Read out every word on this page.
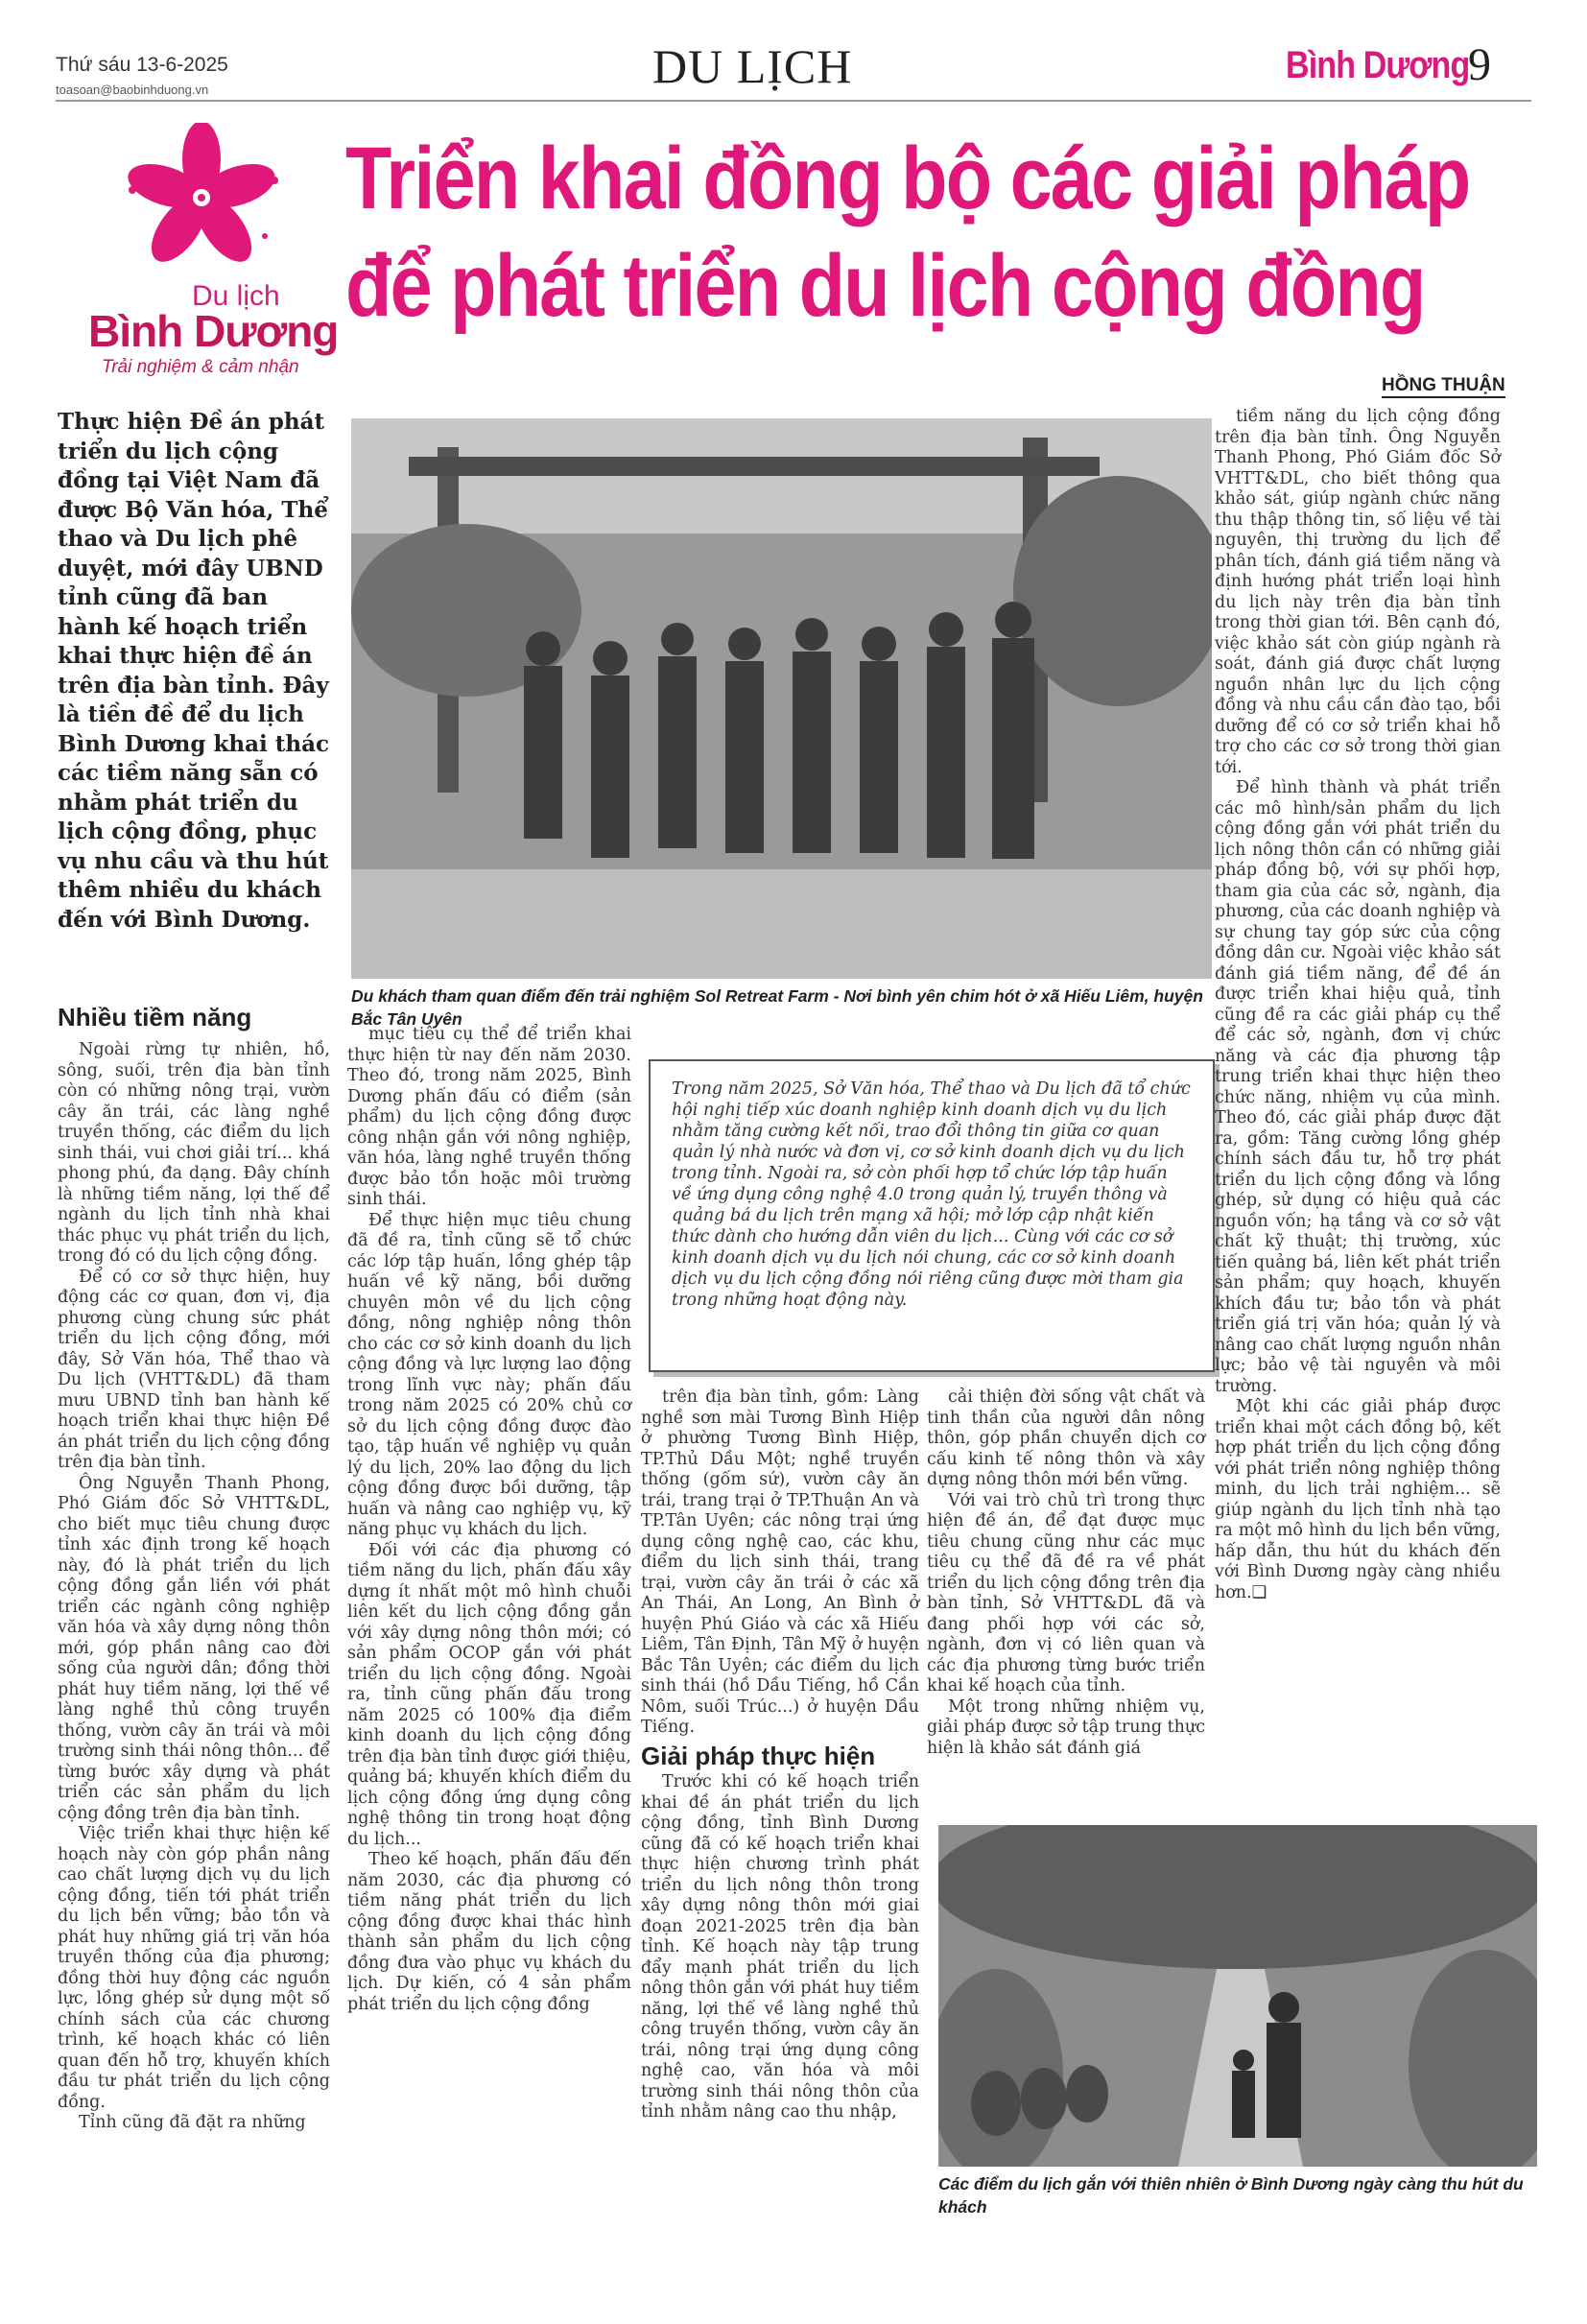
Thứ sáu 13-6-2025
toasoan@baobinhduong.vn	DU LỊCH	Bình Dương
9
Du lịch
Bình Dương
Trải nghiệm & cảm nhận
Triển khai đồng bộ các giải pháp
để phát triển du lịch cộng đồng
HỒNG THUẬN
Thực hiện Đề án phát triển du lịch cộng đồng tại Việt Nam đã được Bộ Văn hóa, Thể thao và Du lịch phê duyệt, mới đây UBND tỉnh cũng đã ban hành kế hoạch triển khai thực hiện đề án trên địa bàn tỉnh. Đây là tiền đề để du lịch Bình Dương khai thác các tiềm năng sẵn có nhằm phát triển du lịch cộng đồng, phục vụ nhu cầu và thu hút thêm nhiều du khách đến với Bình Dương.
Du khách tham quan điểm đến trải nghiệm Sol Retreat Farm - Nơi bình yên chim hót ở xã Hiếu Liêm, huyện Bắc Tân Uyên
Nhiều tiềm năng

Ngoài rừng tự nhiên, hồ, sông, suối, trên địa bàn tỉnh còn có những nông trại, vườn cây ăn trái, các làng nghề truyền thống, các điểm du lịch sinh thái, vui chơi giải trí... khá phong phú, đa dạng. Đây chính là những tiềm năng, lợi thế để ngành du lịch tỉnh nhà khai thác phục vụ phát triển du lịch, trong đó có du lịch cộng đồng.

Để có cơ sở thực hiện, huy động các cơ quan, đơn vị, địa phương cùng chung sức phát triển du lịch cộng đồng, mới đây, Sở Văn hóa, Thể thao và Du lịch (VHTT&DL) đã tham mưu UBND tỉnh ban hành kế hoạch triển khai thực hiện Đề án phát triển du lịch cộng đồng trên địa bàn tỉnh.

Ông Nguyễn Thanh Phong, Phó Giám đốc Sở VHTT&DL, cho biết mục tiêu chung được tỉnh xác định trong kế hoạch này, đó là phát triển du lịch cộng đồng gắn liền với phát triển các ngành công nghiệp văn hóa và xây dựng nông thôn mới, góp phần nâng cao đời sống của người dân; đồng thời phát huy tiềm năng, lợi thế về làng nghề thủ công truyền thống, vườn cây ăn trái và môi trường sinh thái nông thôn... để từng bước xây dựng và phát triển các sản phẩm du lịch cộng đồng trên địa bàn tỉnh.

Việc triển khai thực hiện kế hoạch này còn góp phần nâng cao chất lượng dịch vụ du lịch cộng đồng, tiến tới phát triển du lịch bền vững; bảo tồn và phát huy những giá trị văn hóa truyền thống của địa phương; đồng thời huy động các nguồn lực, lồng ghép sử dụng một số chính sách của các chương trình, kế hoạch khác có liên quan đến hỗ trợ, khuyến khích đầu tư phát triển du lịch cộng đồng.

Tỉnh cũng đã đặt ra những

mục tiêu cụ thể để triển khai thực hiện từ nay đến năm 2030. Theo đó, trong năm 2025, Bình Dương phấn đấu có điểm (sản phẩm) du lịch cộng đồng được công nhận gắn với nông nghiệp, văn hóa, làng nghề truyền thống được bảo tồn hoặc môi trường sinh thái.

Để thực hiện mục tiêu chung đã đề ra, tỉnh cũng sẽ tổ chức các lớp tập huấn, lồng ghép tập huấn về kỹ năng, bồi dưỡng chuyên môn về du lịch cộng đồng, nông nghiệp nông thôn cho các cơ sở kinh doanh du lịch cộng đồng và lực lượng lao động trong lĩnh vực này; phấn đấu trong năm 2025 có 20% chủ cơ sở du lịch cộng đồng được đào tạo, tập huấn về nghiệp vụ quản lý du lịch, 20% lao động du lịch cộng đồng được bồi dưỡng, tập huấn và nâng cao nghiệp vụ, kỹ năng phục vụ khách du lịch.

Đối với các địa phương có tiềm năng du lịch, phấn đấu xây dựng ít nhất một mô hình chuỗi liên kết du lịch cộng đồng gắn với xây dựng nông thôn mới; có sản phẩm OCOP gắn với phát triển du lịch cộng đồng. Ngoài ra, tỉnh cũng phấn đấu trong năm 2025 có 100% địa điểm kinh doanh du lịch cộng đồng trên địa bàn tỉnh được giới thiệu, quảng bá; khuyến khích điểm du lịch cộng đồng ứng dụng công nghệ thông tin trong hoạt động du lịch...

Theo kế hoạch, phấn đấu đến năm 2030, các địa phương có tiềm năng phát triển du lịch cộng đồng được khai thác hình thành sản phẩm du lịch cộng đồng đưa vào phục vụ khách du lịch. Dự kiến, có 4 sản phẩm phát triển du lịch cộng đồng

Trong năm 2025, Sở Văn hóa, Thể thao và Du lịch đã tổ chức hội nghị tiếp xúc doanh nghiệp kinh doanh dịch vụ du lịch nhằm tăng cường kết nối, trao đổi thông tin giữa cơ quan quản lý nhà nước và đơn vị, cơ sở kinh doanh dịch vụ du lịch trong tỉnh. Ngoài ra, sở còn phối hợp tổ chức lớp tập huấn về ứng dụng công nghệ 4.0 trong quản lý, truyền thông và quảng bá du lịch trên mạng xã hội; mở lớp cập nhật kiến thức dành cho hướng dẫn viên du lịch... Cùng với các cơ sở kinh doanh dịch vụ du lịch nói chung, các cơ sở kinh doanh dịch vụ du lịch cộng đồng nói riêng cũng được mời tham gia trong những hoạt động này.

trên địa bàn tỉnh, gồm: Làng nghề sơn mài Tương Bình Hiệp ở phường Tương Bình Hiệp, TP.Thủ Dầu Một; nghề truyền thống (gốm sứ), vườn cây ăn trái, trang trại ở TP.Thuận An và TP.Tân Uyên; các nông trại ứng dụng công nghệ cao, các khu, điểm du lịch sinh thái, trang trại, vườn cây ăn trái ở các xã An Thái, An Long, An Bình ở huyện Phú Giáo và các xã Hiếu Liêm, Tân Định, Tân Mỹ ở huyện Bắc Tân Uyên; các điểm du lịch sinh thái (hồ Dầu Tiếng, hồ Cần Nôm, suối Trúc...) ở huyện Dầu Tiếng.

Giải pháp thực hiện

Trước khi có kế hoạch triển khai đề án phát triển du lịch cộng đồng, tỉnh Bình Dương cũng đã có kế hoạch triển khai thực hiện chương trình phát triển du lịch nông thôn trong xây dựng nông thôn mới giai đoạn 2021-2025 trên địa bàn tỉnh. Kế hoạch này tập trung đẩy mạnh phát triển du lịch nông thôn gắn với phát huy tiềm năng, lợi thế về làng nghề thủ công truyền thống, vườn cây ăn trái, nông trại ứng dụng công nghệ cao, văn hóa và môi trường sinh thái nông thôn của tỉnh nhằm nâng cao thu nhập,

cải thiện đời sống vật chất và tinh thần của người dân nông thôn, góp phần chuyển dịch cơ cấu kinh tế nông thôn và xây dựng nông thôn mới bền vững.

Với vai trò chủ trì trong thực hiện đề án, để đạt được mục tiêu chung cũng như các mục tiêu cụ thể đã đề ra về phát triển du lịch cộng đồng trên địa bàn tỉnh, Sở VHTT&DL đã và đang phối hợp với các sở, ngành, đơn vị có liên quan và các địa phương từng bước triển khai kế hoạch của tỉnh.

Một trong những nhiệm vụ, giải pháp được sở tập trung thực hiện là khảo sát đánh giá

tiềm năng du lịch cộng đồng trên địa bàn tỉnh. Ông Nguyễn Thanh Phong, Phó Giám đốc Sở VHTT&DL, cho biết thông qua khảo sát, giúp ngành chức năng thu thập thông tin, số liệu về tài nguyên, thị trường du lịch để phân tích, đánh giá tiềm năng và định hướng phát triển loại hình du lịch này trên địa bàn tỉnh trong thời gian tới. Bên cạnh đó, việc khảo sát còn giúp ngành rà soát, đánh giá được chất lượng nguồn nhân lực du lịch cộng đồng và nhu cầu cần đào tạo, bồi dưỡng để có cơ sở triển khai hỗ trợ cho các cơ sở trong thời gian tới.

Để hình thành và phát triển các mô hình/sản phẩm du lịch cộng đồng gắn với phát triển du lịch nông thôn cần có những giải pháp đồng bộ, với sự phối hợp, tham gia của các sở, ngành, địa phương, của các doanh nghiệp và sự chung tay góp sức của cộng đồng dân cư. Ngoài việc khảo sát đánh giá tiềm năng, để đề án được triển khai hiệu quả, tỉnh cũng đề ra các giải pháp cụ thể để các sở, ngành, đơn vị chức năng và các địa phương tập trung triển khai thực hiện theo chức năng, nhiệm vụ của mình. Theo đó, các giải pháp được đặt ra, gồm: Tăng cường lồng ghép chính sách đầu tư, hỗ trợ phát triển du lịch cộng đồng và lồng ghép, sử dụng có hiệu quả các nguồn vốn; hạ tầng và cơ sở vật chất kỹ thuật; thị trường, xúc tiến quảng bá, liên kết phát triển sản phẩm; quy hoạch, khuyến khích đầu tư; bảo tồn và phát triển giá trị văn hóa; quản lý và nâng cao chất lượng nguồn nhân lực; bảo vệ tài nguyên và môi trường.

Một khi các giải pháp được triển khai một cách đồng bộ, kết hợp phát triển du lịch cộng đồng với phát triển nông nghiệp thông minh, du lịch trải nghiệm... sẽ giúp ngành du lịch tỉnh nhà tạo ra một mô hình du lịch bền vững, hấp dẫn, thu hút du khách đến với Bình Dương ngày càng nhiều hơn.❑

Các điểm du lịch gắn với thiên nhiên ở Bình Dương ngày càng thu hút du khách
